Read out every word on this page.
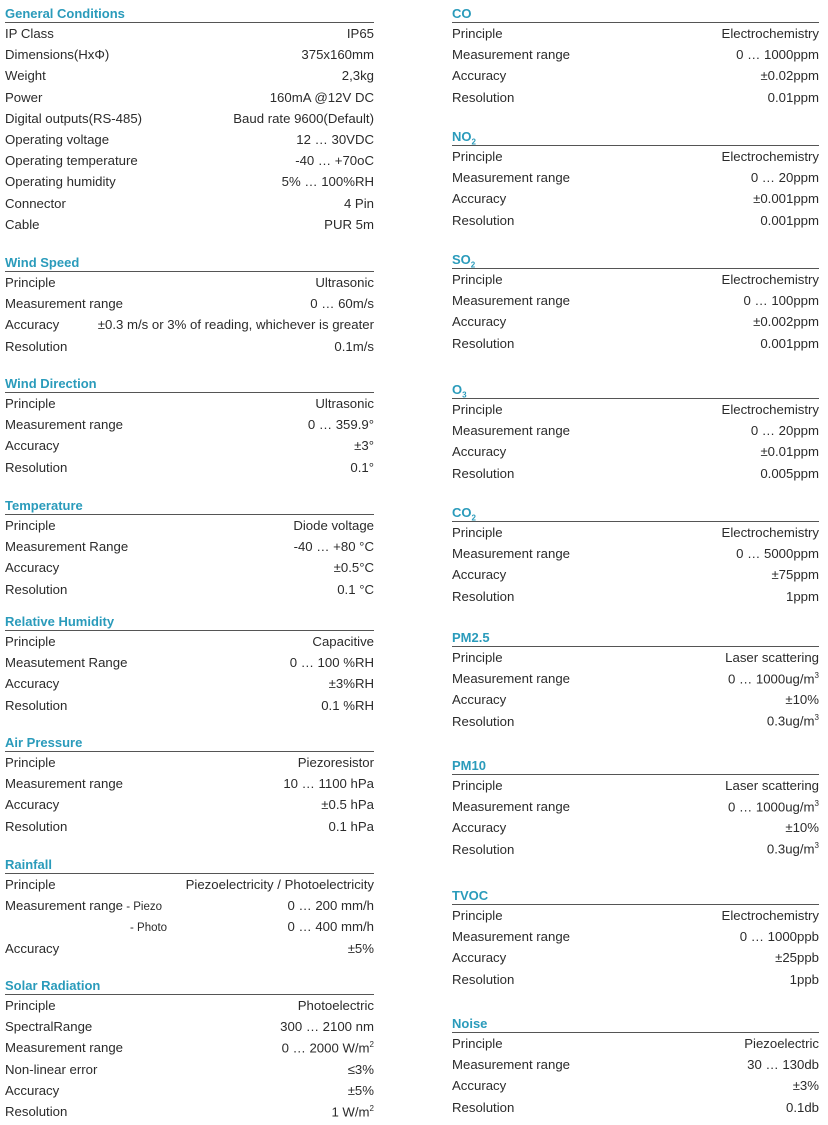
General Conditions
IP Class	IP65
Dimensions(HxΦ)	375x160mm
Weight	2,3kg
Power	160mA @12V DC
Digital outputs(RS-485)	Baud rate 9600(Default)
Operating voltage	12 … 30VDC
Operating temperature	-40 … +70oC
Operating humidity	5% … 100%RH
Connector	4 Pin
Cable	PUR 5m
Wind Speed
Principle	Ultrasonic
Measurement range	0 … 60m/s
Accuracy	±0.3 m/s or 3% of reading, whichever is greater
Resolution	0.1m/s
Wind Direction
Principle	Ultrasonic
Measurement range	0 … 359.9°
Accuracy	±3°
Resolution	0.1°
Temperature
Principle	Diode voltage
Measurement Range	-40 … +80 °C
Accuracy	±0.5°C
Resolution	0.1 °C
Relative Humidity
Principle	Capacitive
Measutement Range	0 … 100 %RH
Accuracy	±3%RH
Resolution	0.1 %RH
Air Pressure
Principle	Piezoresistor
Measurement range	10 … 1100 hPa
Accuracy	±0.5 hPa
Resolution	0.1 hPa
Rainfall
Principle	Piezoelectricity / Photoelectricity
Measurement range - Piezo	0 … 200 mm/h
- Photo	0 … 400 mm/h
Accuracy	±5%
Solar Radiation
Principle	Photoelectric
SpectralRange	300 … 2100 nm
Measurement range	0 … 2000 $W/m^2$
Non-linear error	≤3%
Accuracy	±5%
Resolution	1 $W/m^2$
CO
Principle	Electrochemistry
Measurement range	0 … 1000ppm
Accuracy	±0.02ppm
Resolution	0.01ppm
$NO_2$
Principle	Electrochemistry
Measurement range	0 … 20ppm
Accuracy	±0.001ppm
Resolution	0.001ppm
$SO_2$
Principle	Electrochemistry
Measurement range	0 … 100ppm
Accuracy	±0.002ppm
Resolution	0.001ppm
$O_3$
Principle	Electrochemistry
Measurement range	0 … 20ppm
Accuracy	±0.01ppm
Resolution	0.005ppm
$CO_2$
Principle	Electrochemistry
Measurement range	0 … 5000ppm
Accuracy	±75ppm
Resolution	1ppm
PM2.5
Principle	Laser scattering
Measurement range	0 … $1000ug/m^3$
Accuracy	±10%
Resolution	$0.3ug/m^3$
PM10
Principle	Laser scattering
Measurement range	0 … $1000ug/m^3$
Accuracy	±10%
Resolution	$0.3ug/m^3$
TVOC
Principle	Electrochemistry
Measurement range	0 … 1000ppb
Accuracy	±25ppb
Resolution	1ppb
Noise
Principle	Piezoelectric
Measurement range	30 … 130db
Accuracy	±3%
Resolution	0.1db
